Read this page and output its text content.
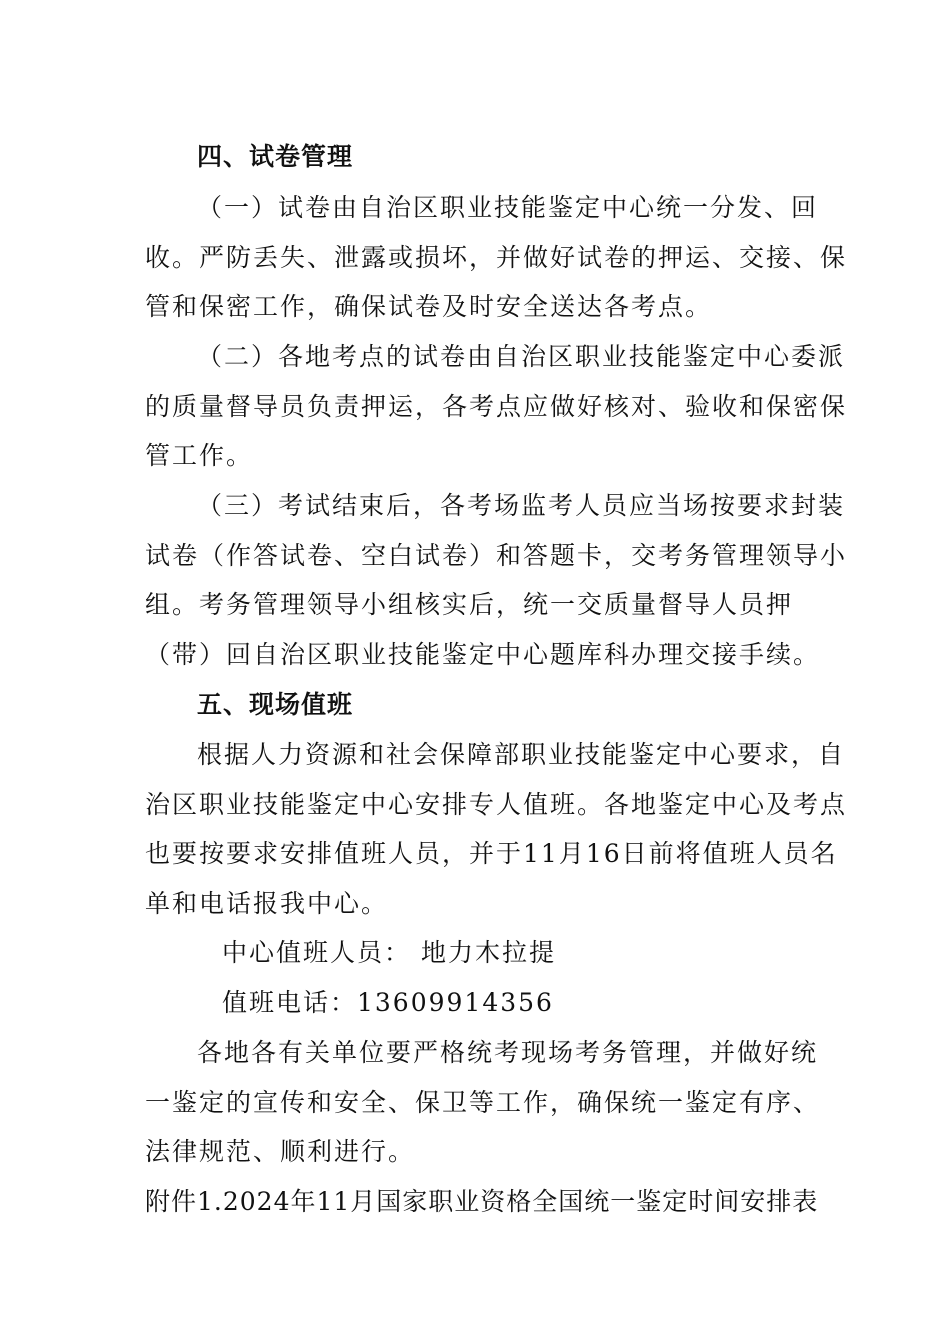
四、试卷管理
（一）试卷由自治区职业技能鉴定中心统一分发、回
收。严防丢失、泄露或损坏，并做好试卷的押运、交接、保
管和保密工作，确保试卷及时安全送达各考点。
（二）各地考点的试卷由自治区职业技能鉴定中心委派
的质量督导员负责押运，各考点应做好核对、验收和保密保
管工作。
（三）考试结束后，各考场监考人员应当场按要求封装
试卷（作答试卷、空白试卷）和答题卡，交考务管理领导小
组。考务管理领导小组核实后，统一交质量督导人员押
（带）回自治区职业技能鉴定中心题库科办理交接手续。
五、现场值班
根据人力资源和社会保障部职业技能鉴定中心要求，自
治区职业技能鉴定中心安排专人值班。各地鉴定中心及考点
也要按要求安排值班人员，并于11月16日前将值班人员名
单和电话报我中心。
中心值班人员： 地力木拉提
值班电话：13609914356
各地各有关单位要严格统考现场考务管理，并做好统
一鉴定的宣传和安全、保卫等工作，确保统一鉴定有序、
法律规范、顺利进行。
附件1.2024年11月国家职业资格全国统一鉴定时间安排表
